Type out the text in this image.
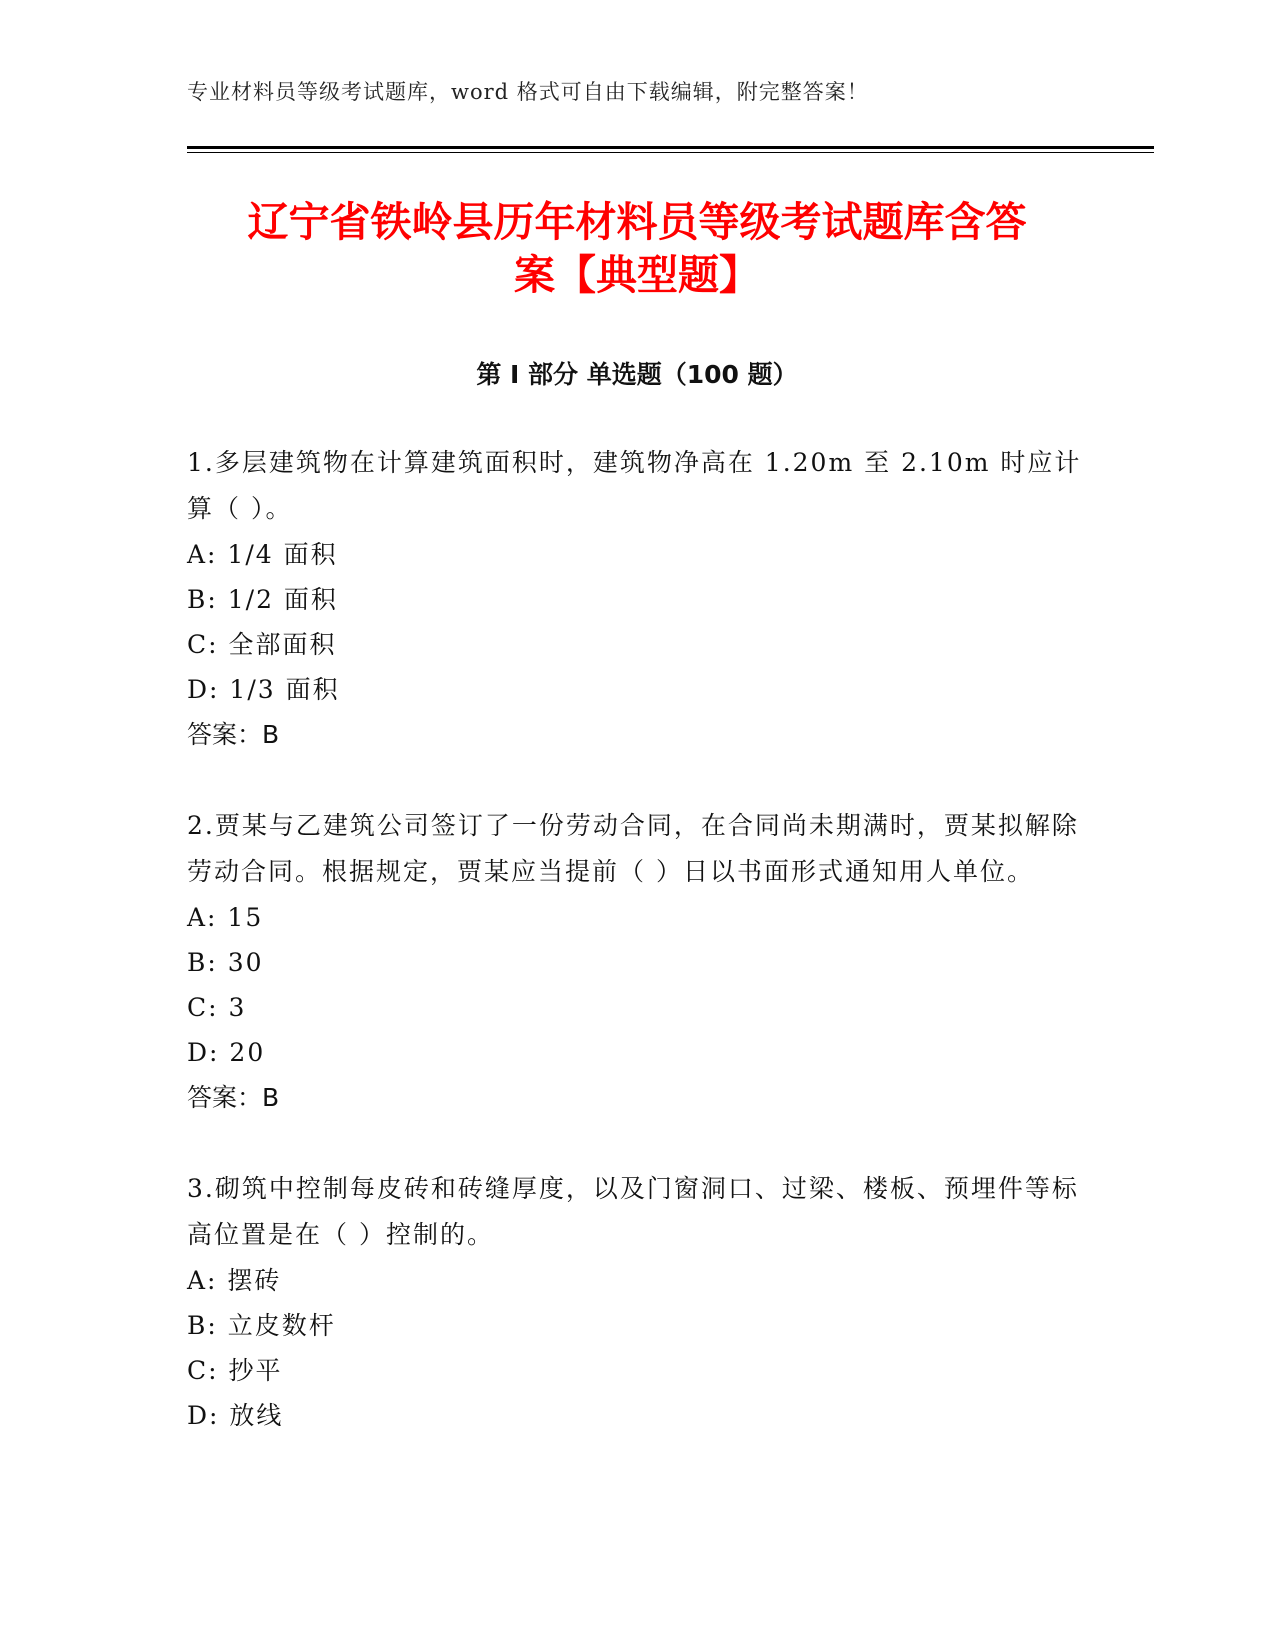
专业材料员等级考试题库，word 格式可自由下载编辑，附完整答案！
辽宁省铁岭县历年材料员等级考试题库含答
案【典型题】
第 I 部分 单选题（100 题）

1.多层建筑物在计算建筑面积时，建筑物净高在 1.20m 至 2.10m 时应计算（ ）。

A: 1/4 面积

B: 1/2 面积

C: 全部面积

D: 1/3 面积

答案：B

2.贾某与乙建筑公司签订了一份劳动合同，在合同尚未期满时，贾某拟解除劳动合同。根据规定，贾某应当提前（ ）日以书面形式通知用人单位。

A: 15

B: 30

C: 3

D: 20

答案：B

3.砌筑中控制每皮砖和砖缝厚度，以及门窗洞口、过梁、楼板、预埋件等标高位置是在（ ）控制的。

A: 摆砖

B: 立皮数杆

C: 抄平

D: 放线
